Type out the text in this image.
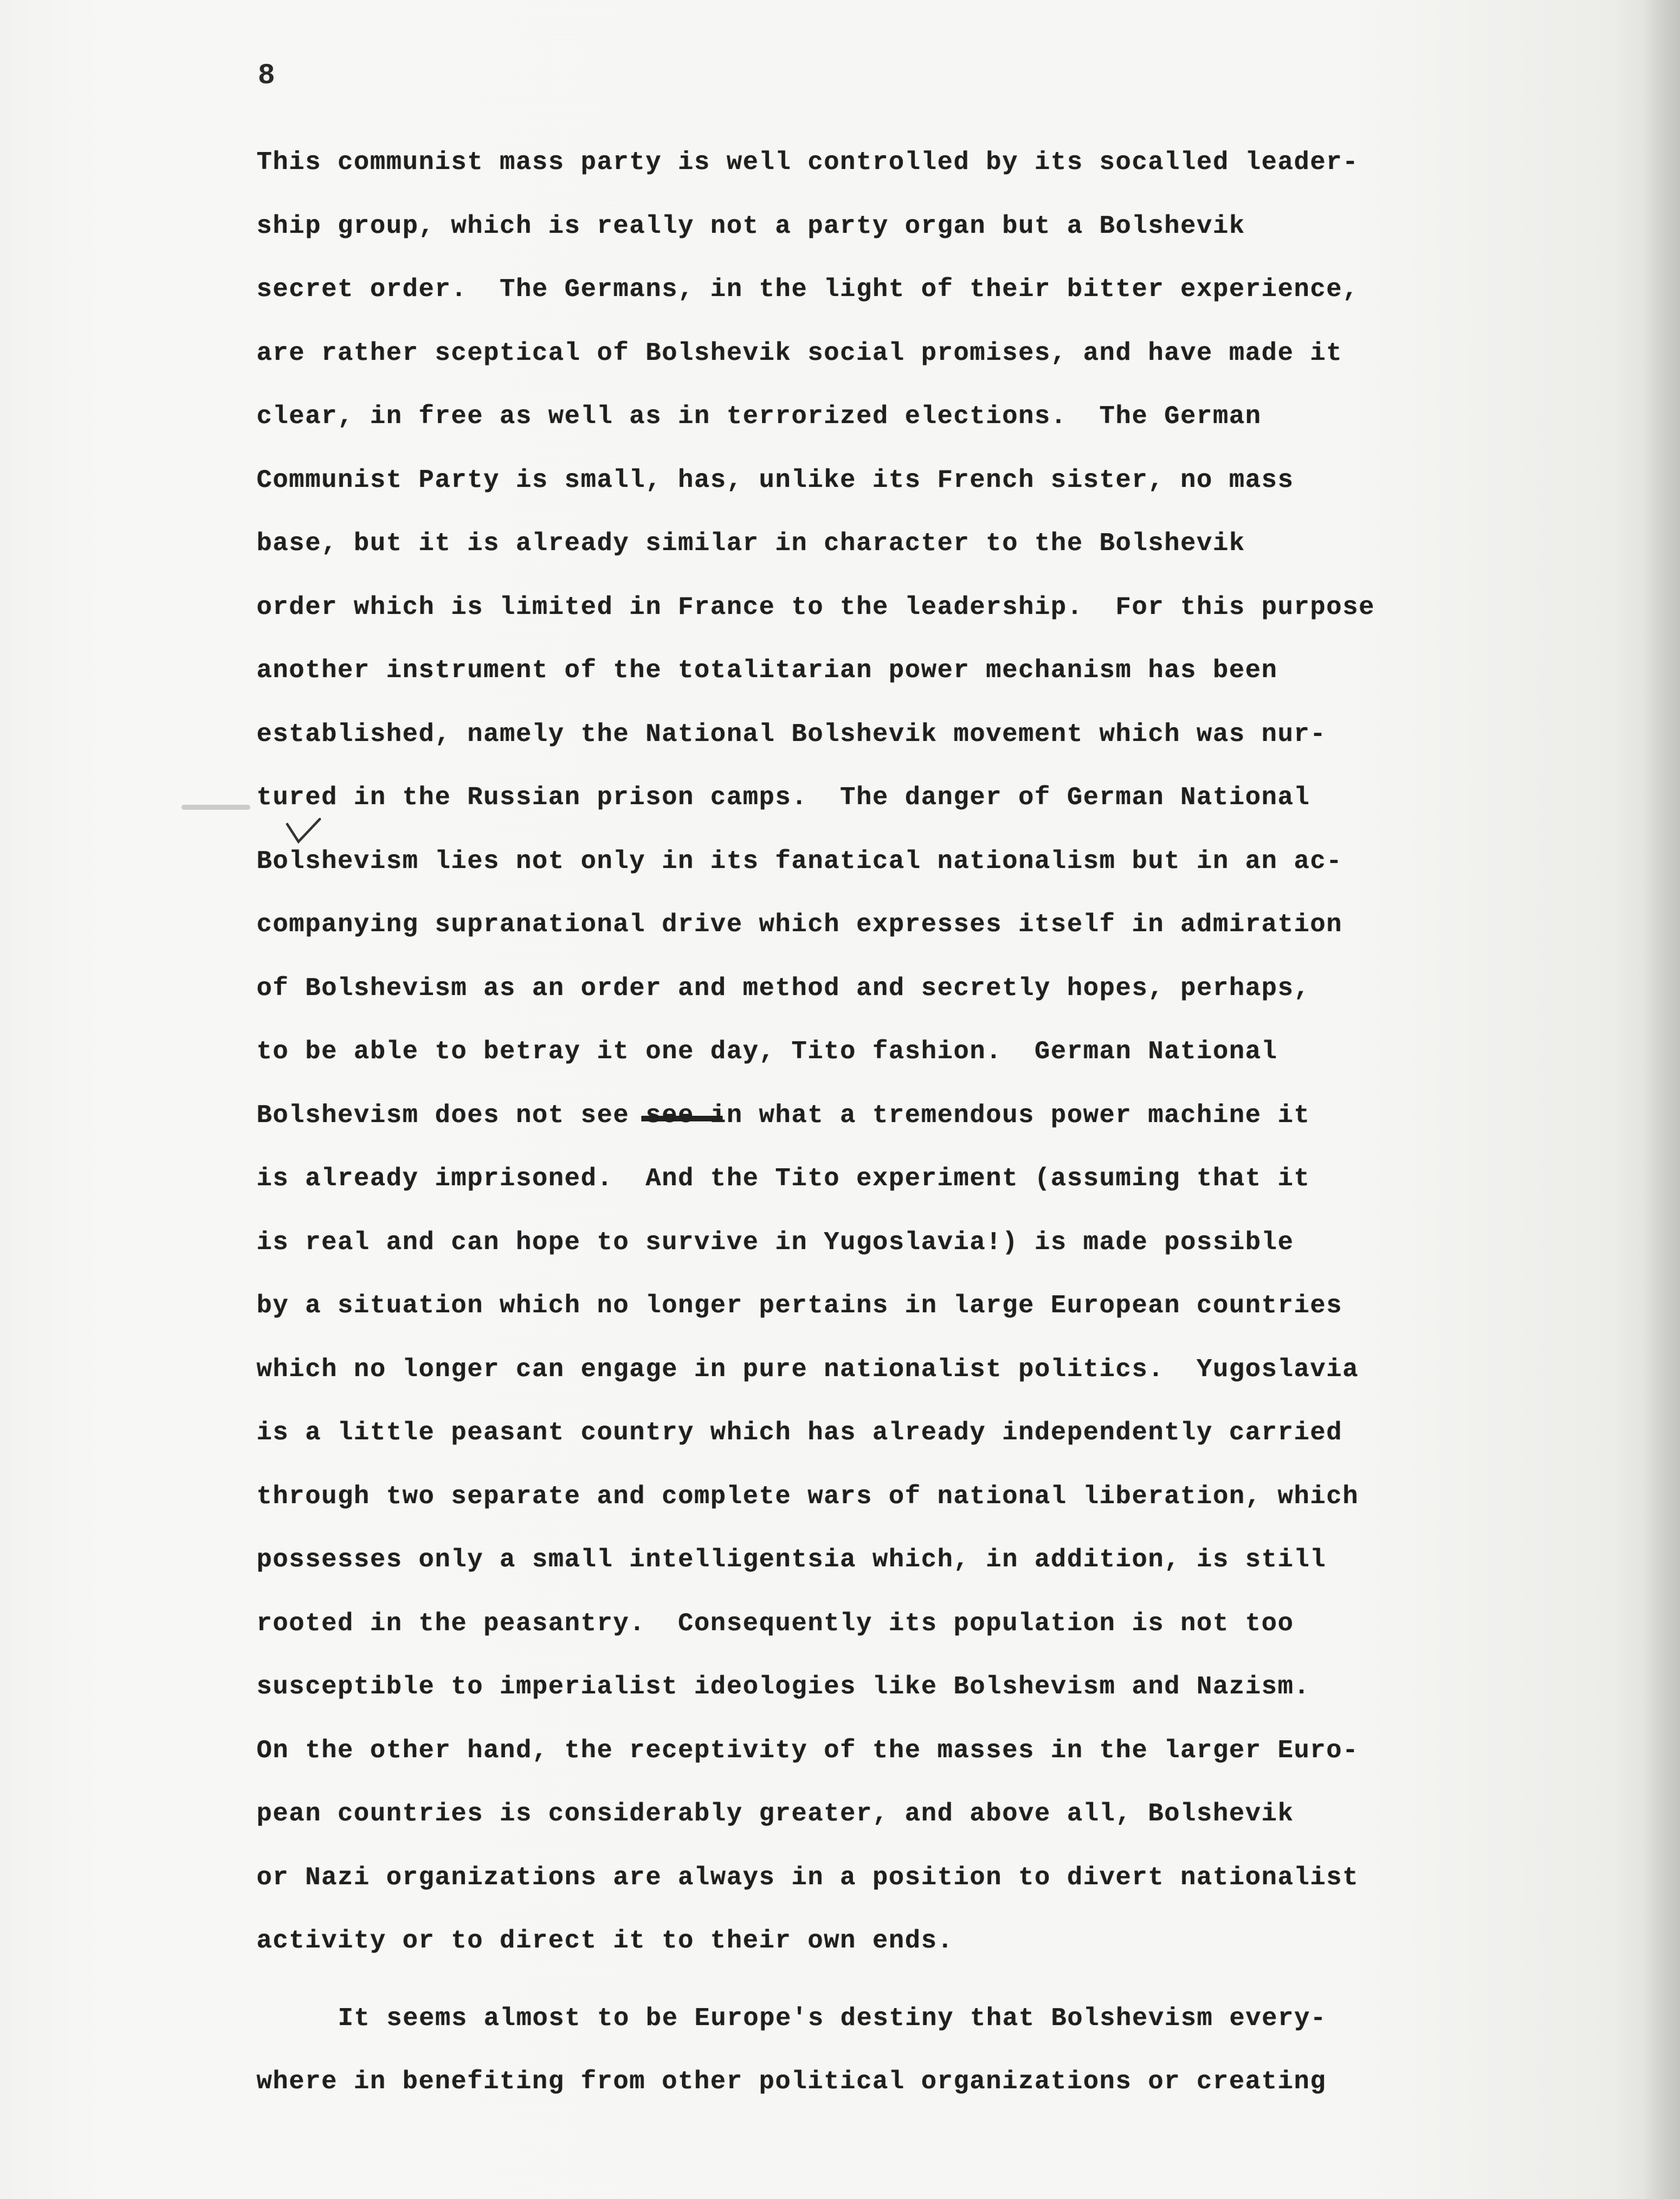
8
This communist mass party is well controlled by its socalled leader-
ship group, which is really not a party organ but a Bolshevik
secret order.  The Germans, in the light of their bitter experience,
are rather sceptical of Bolshevik social promises, and have made it
clear, in free as well as in terrorized elections.  The German
Communist Party is small, has, unlike its French sister, no mass
base, but it is already similar in character to the Bolshevik
order which is limited in France to the leadership.  For this purpose
another instrument of the totalitarian power mechanism has been
established, namely the National Bolshevik movement which was nur-
tured in the Russian prison camps.  The danger of German National
Bolshevism lies not only in its fanatical nationalism but in an ac-
companying supranational drive which expresses itself in admiration
of Bolshevism as an order and method and secretly hopes, perhaps,
to be able to betray it one day, Tito fashion.  German National
Bolshevism does not see see in what a tremendous power machine it
is already imprisoned.  And the Tito experiment (assuming that it
is real and can hope to survive in Yugoslavia!) is made possible
by a situation which no longer pertains in large European countries
which no longer can engage in pure nationalist politics.  Yugoslavia
is a little peasant country which has already independently carried
through two separate and complete wars of national liberation, which
possesses only a small intelligentsia which, in addition, is still
rooted in the peasantry.  Consequently its population is not too
susceptible to imperialist ideologies like Bolshevism and Nazism.
On the other hand, the receptivity of the masses in the larger Euro-
pean countries is considerably greater, and above all, Bolshevik
or Nazi organizations are always in a position to divert nationalist
activity or to direct it to their own ends.
It seems almost to be Europe's destiny that Bolshevism every-
where in benefiting from other political organizations or creating
